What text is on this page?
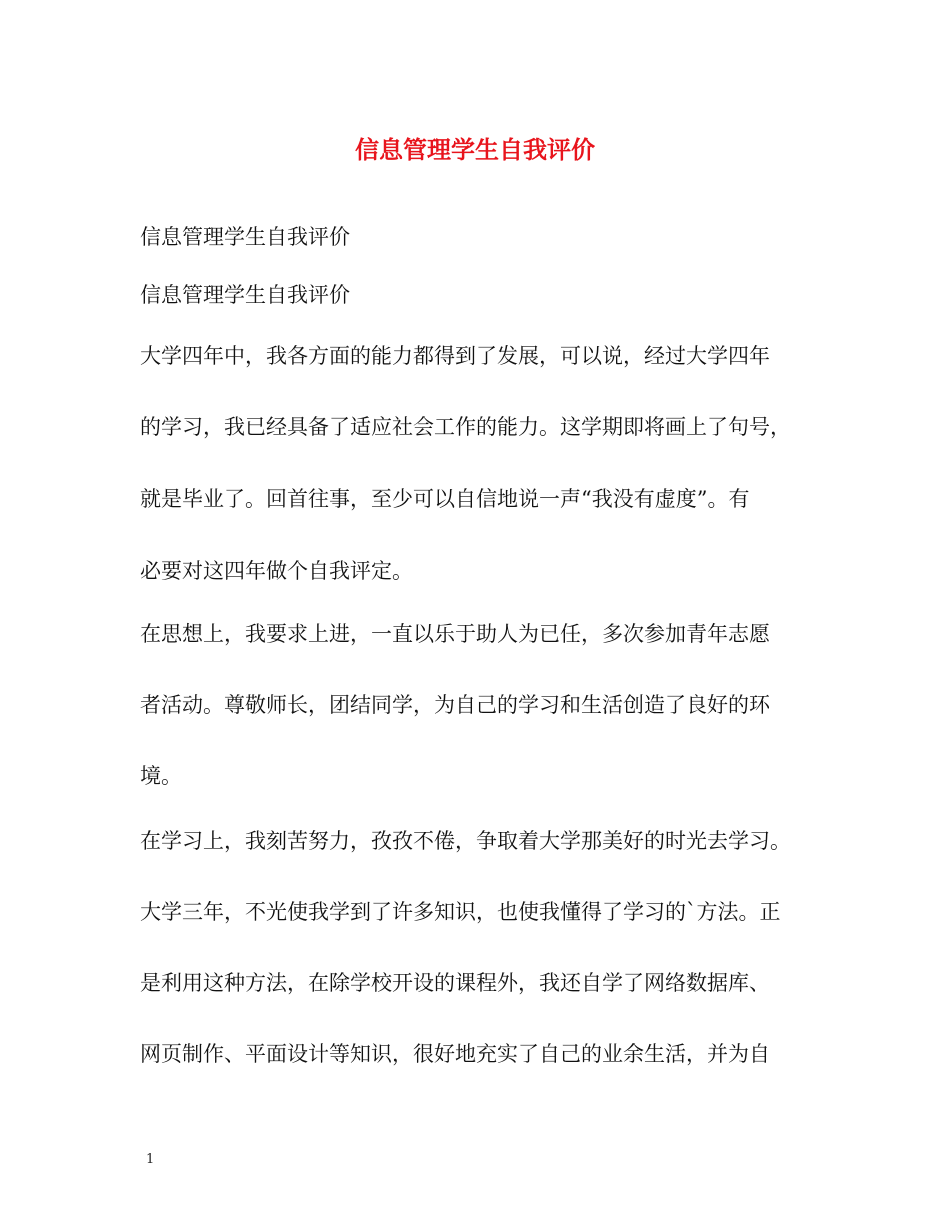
信息管理学生自我评价

信息管理学生自我评价

信息管理学生自我评价

大学四年中，我各方面的能力都得到了发展，可以说，经过大学四年

的学习，我已经具备了适应社会工作的能力。这学期即将画上了句号，

就是毕业了。回首往事，至少可以自信地说一声“我没有虚度”。有

必要对这四年做个自我评定。

在思想上，我要求上进，一直以乐于助人为已任，多次参加青年志愿

者活动。尊敬师长，团结同学，为自己的学习和生活创造了良好的环

境。

在学习上，我刻苦努力，孜孜不倦，争取着大学那美好的时光去学习。

大学三年，不光使我学到了许多知识，也使我懂得了学习的`方法。正

是利用这种方法，在除学校开设的课程外，我还自学了网络数据库、

网页制作、平面设计等知识，很好地充实了自己的业余生活，并为自

1
